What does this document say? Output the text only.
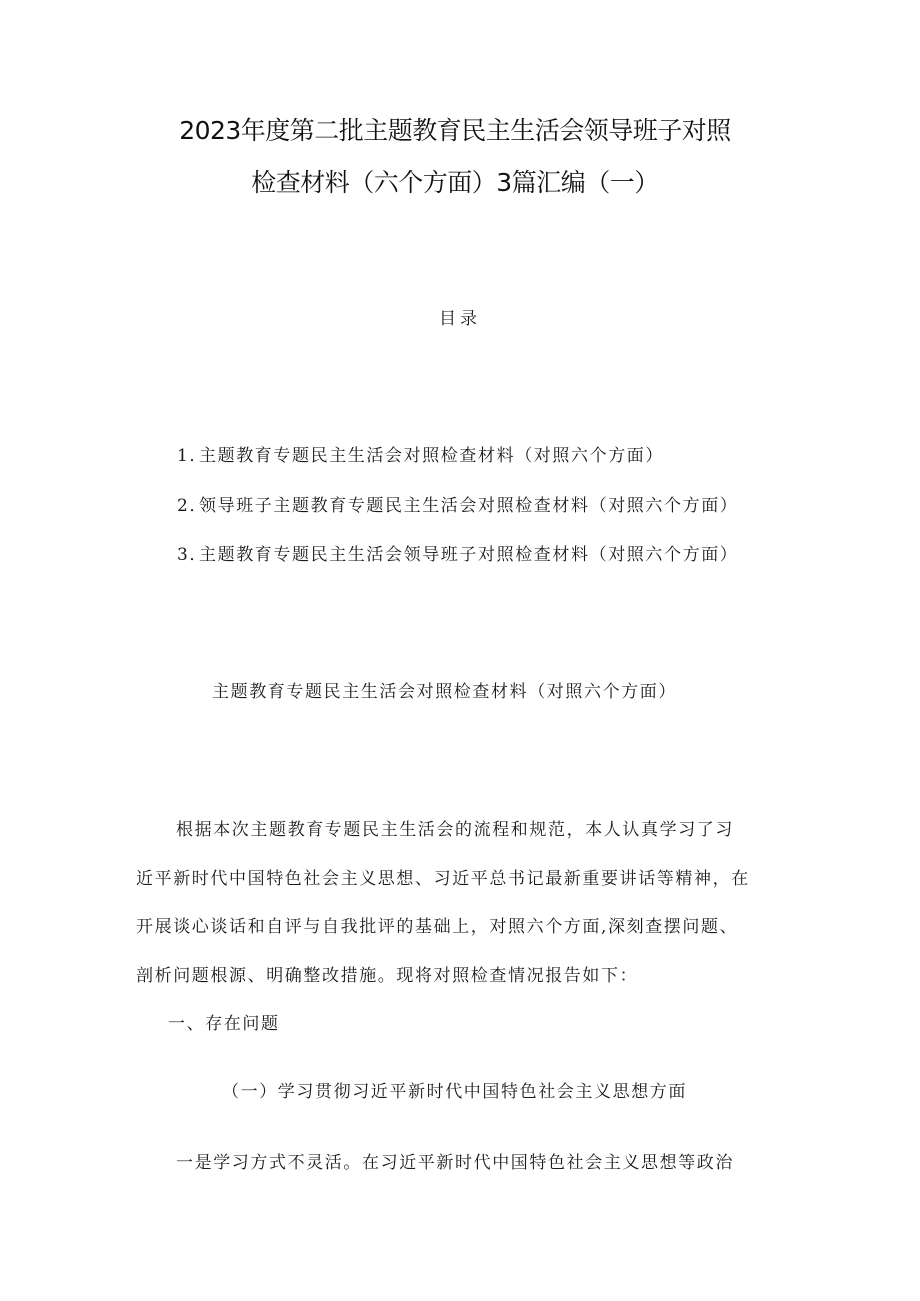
2023年度第二批主题教育民主生活会领导班子对照
检查材料（六个方面）3篇汇编（一）
目录
1．主题教育专题民主生活会对照检查材料（对照六个方面）
2．领导班子主题教育专题民主生活会对照检查材料（对照六个方面）
3．主题教育专题民主生活会领导班子对照检查材料（对照六个方面）
主题教育专题民主生活会对照检查材料（对照六个方面）
根据本次主题教育专题民主生活会的流程和规范，本人认真学习了习
近平新时代中国特色社会主义思想、习近平总书记最新重要讲话等精神，在
开展谈心谈话和自评与自我批评的基础上，对照六个方面,深刻查摆问题、
剖析问题根源、明确整改措施。现将对照检查情况报告如下：
一、存在问题
（一）学习贯彻习近平新时代中国特色社会主义思想方面
一是学习方式不灵活。在习近平新时代中国特色社会主义思想等政治
